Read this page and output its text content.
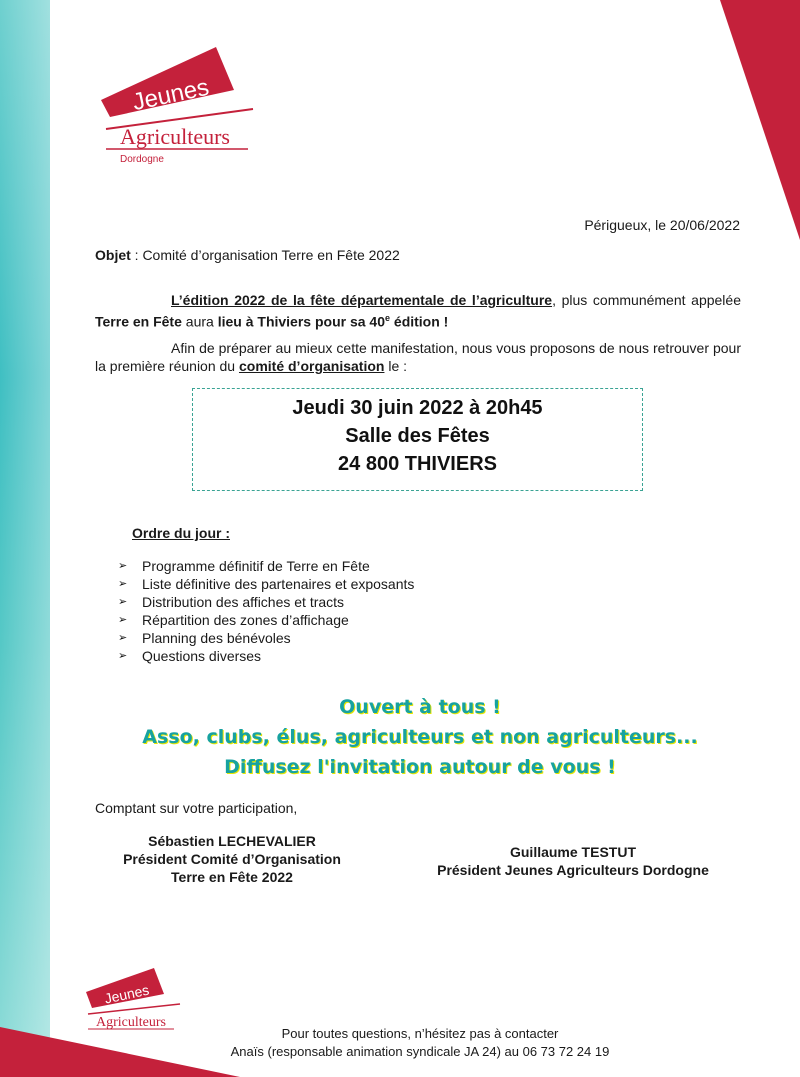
Jeunes
Agriculteurs
Dordogne
Périgueux, le 20/06/2022
Objet : Comité d’organisation Terre en Fête 2022
L’édition 2022 de la fête départementale de l’agriculture, plus communément appelée Terre en Fête aura lieu à Thiviers pour sa 40e édition !
Afin de préparer au mieux cette manifestation, nous vous proposons de nous retrouver pour la première réunion du comité d’organisation le :
Jeudi 30 juin 2022 à 20h45
Salle des Fêtes
24 800 THIVIERS
Ordre du jour :
➢	Programme définitif de Terre en Fête
➢	Liste définitive des partenaires et exposants
➢	Distribution des affiches et tracts
➢	Répartition des zones d’affichage
➢	Planning des bénévoles
➢	Questions diverses
Ouvert à tous !
Asso, clubs, élus, agriculteurs et non agriculteurs...
Diffusez l'invitation autour de vous !
Comptant sur votre participation,
Sébastien LECHEVALIER
Président Comité d’Organisation
Terre en Fête 2022
Guillaume TESTUT
Président Jeunes Agriculteurs Dordogne
Jeunes
Agriculteurs
Pour toutes questions, n’hésitez pas à contacter
Anaïs (responsable animation syndicale JA 24) au 06 73 72 24 19
